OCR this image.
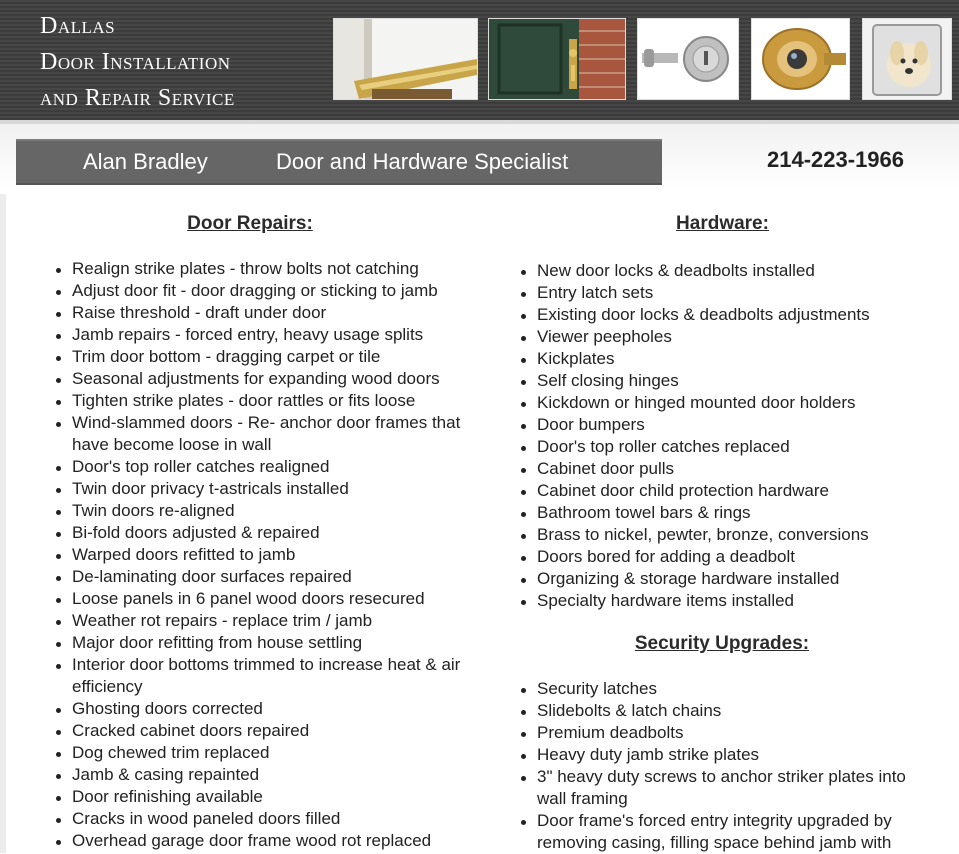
Dallas
Door Installation
and Repair Service
Alan Bradley	Door and Hardware Specialist	214-223-1966
Door Repairs:
Realign strike plates - throw bolts not catching
Adjust door fit - door dragging or sticking to jamb
Raise threshold - draft under door
Jamb repairs - forced entry, heavy usage splits
Trim door bottom - dragging carpet or tile
Seasonal adjustments for expanding wood doors
Tighten strike plates - door rattles or fits loose
Wind-slammed doors - Re- anchor door frames that have become loose in wall
Door's top roller catches realigned
Twin door privacy t-astricals installed
Twin doors re-aligned
Bi-fold doors adjusted & repaired
Warped doors refitted to jamb
De-laminating door surfaces repaired
Loose panels in 6 panel wood doors resecured
Weather rot repairs - replace trim / jamb
Major door refitting from house settling
Interior door bottoms trimmed to increase heat & air efficiency
Ghosting doors corrected
Cracked cabinet doors repaired
Dog chewed trim replaced
Jamb & casing repainted
Door refinishing available
Cracks in wood paneled doors filled
Overhead garage door frame wood rot replaced
Hardware:
New door locks & deadbolts installed
Entry latch sets
Existing door locks & deadbolts adjustments
Viewer peepholes
Kickplates
Self closing hinges
Kickdown or hinged mounted door holders
Door bumpers
Door's top roller catches replaced
Cabinet door pulls
Cabinet door child protection hardware
Bathroom towel bars & rings
Brass to nickel, pewter, bronze, conversions
Doors bored for adding a deadbolt
Organizing & storage hardware installed
Specialty hardware items installed
Security Upgrades:
Security latches
Slidebolts & latch chains
Premium deadbolts
Heavy duty jamb strike plates
3" heavy duty screws to anchor striker plates into wall framing
Door frame's forced entry integrity upgraded by removing casing, filling space behind jamb with
